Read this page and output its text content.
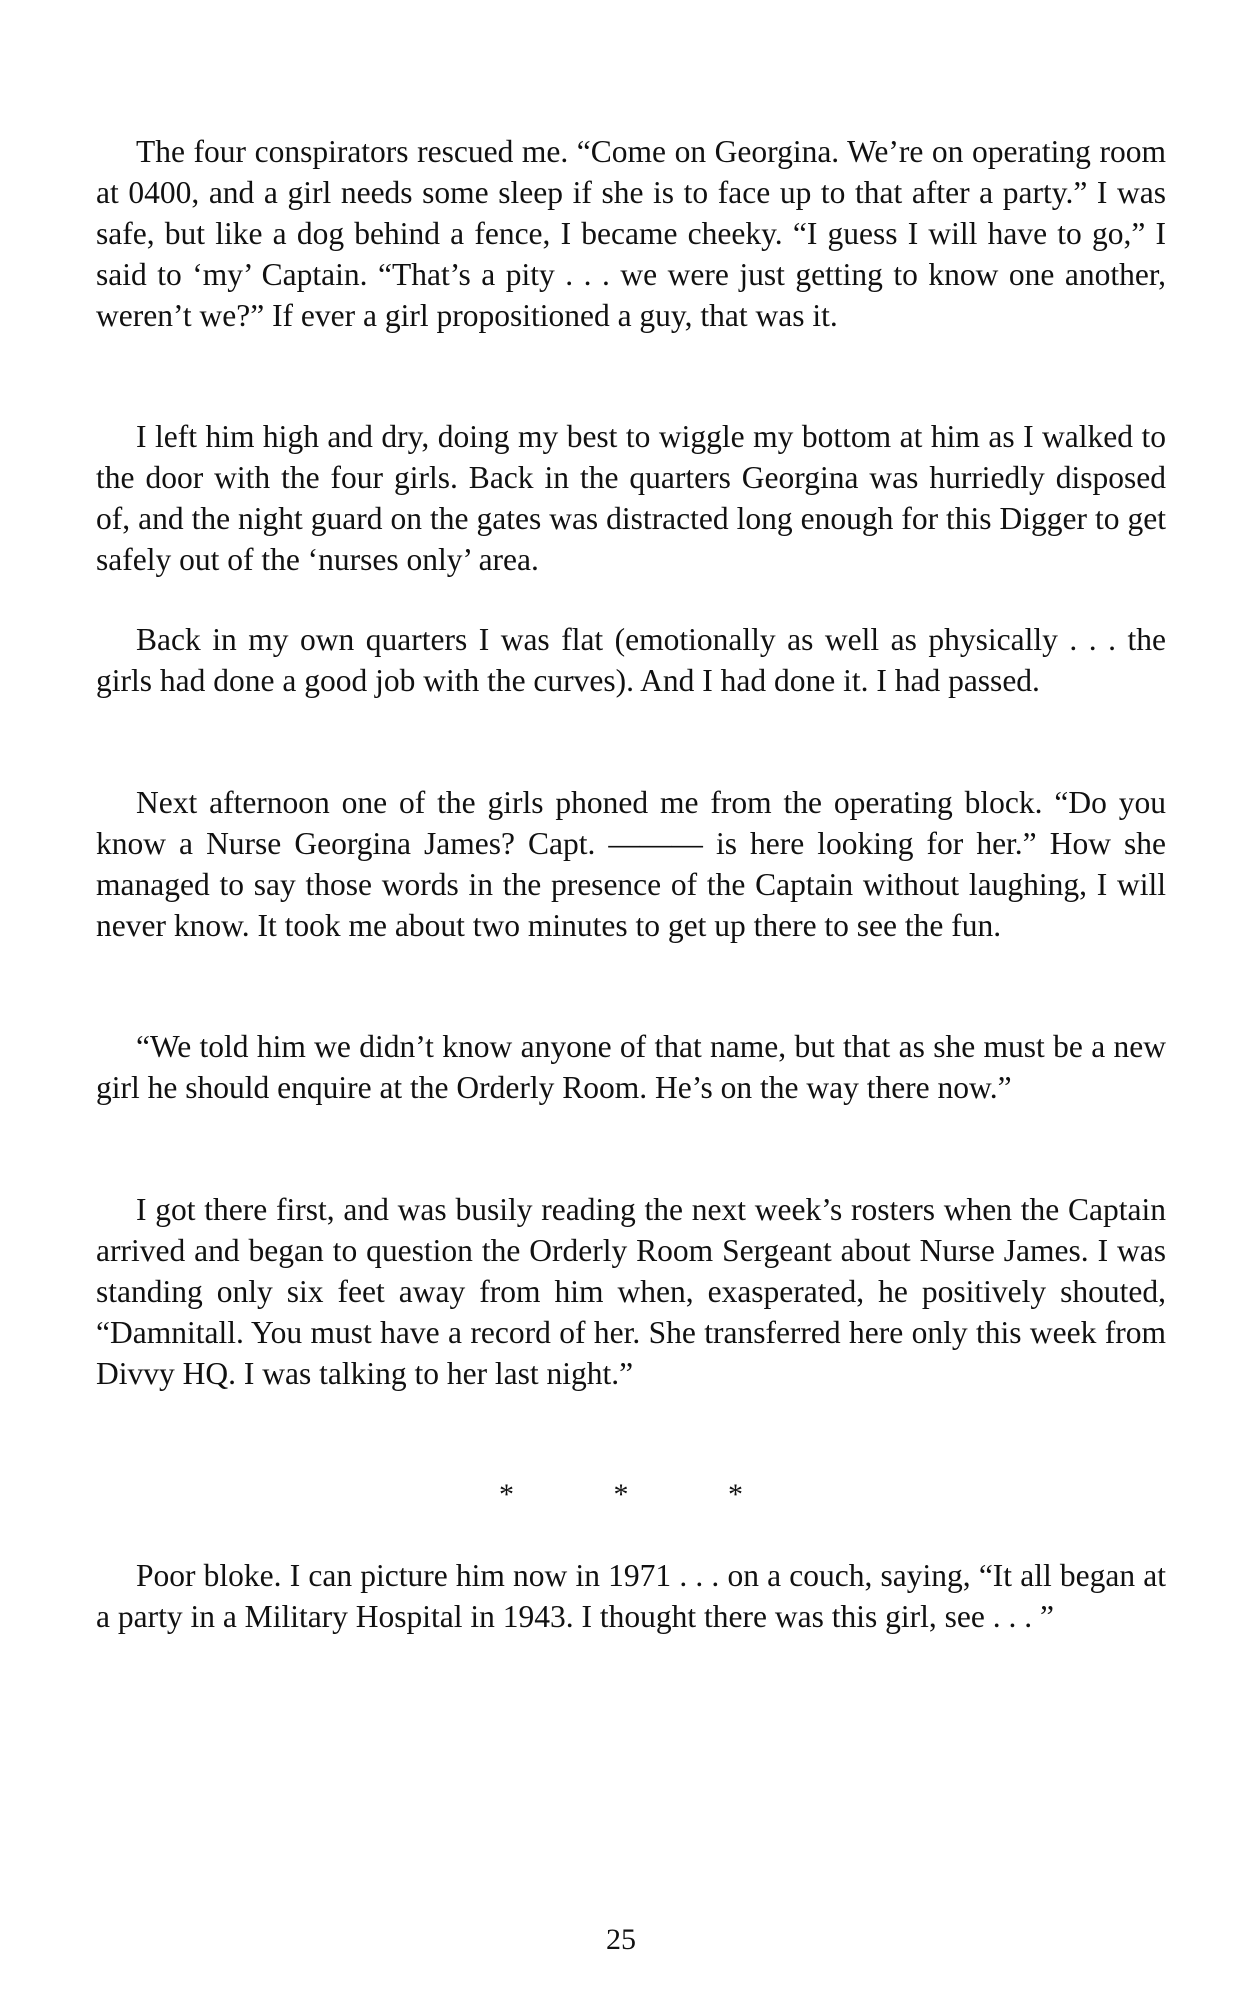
The four conspirators rescued me. “Come on Georgina. We’re on operating room at 0400, and a girl needs some sleep if she is to face up to that after a party.” I was safe, but like a dog behind a fence, I became cheeky. “I guess I will have to go,” I said to ‘my’ Captain. “That’s a pity . . . we were just getting to know one another, weren’t we?” If ever a girl propositioned a guy, that was it.

I left him high and dry, doing my best to wiggle my bottom at him as I walked to the door with the four girls. Back in the quarters Georgina was hurriedly disposed of, and the night guard on the gates was distracted long enough for this Digger to get safely out of the ‘nurses only’ area.

Back in my own quarters I was flat (emotionally as well as physically . . . the girls had done a good job with the curves). And I had done it. I had passed.

Next afternoon one of the girls phoned me from the operating block. “Do you know a Nurse Georgina James? Capt. ——— is here looking for her.” How she managed to say those words in the presence of the Captain without laughing, I will never know. It took me about two minutes to get up there to see the fun.

“We told him we didn’t know anyone of that name, but that as she must be a new girl he should enquire at the Orderly Room. He’s on the way there now.”

I got there first, and was busily reading the next week’s rosters when the Captain arrived and began to question the Orderly Room Sergeant about Nurse James. I was standing only six feet away from him when, exasperated, he positively shouted, “Damnitall. You must have a record of her. She transferred here only this week from Divvy HQ. I was talking to her last night.”

* * *

Poor bloke. I can picture him now in 1971 . . . on a couch, saying, “It all began at a party in a Military Hospital in 1943. I thought there was this girl, see . . . ”

25
